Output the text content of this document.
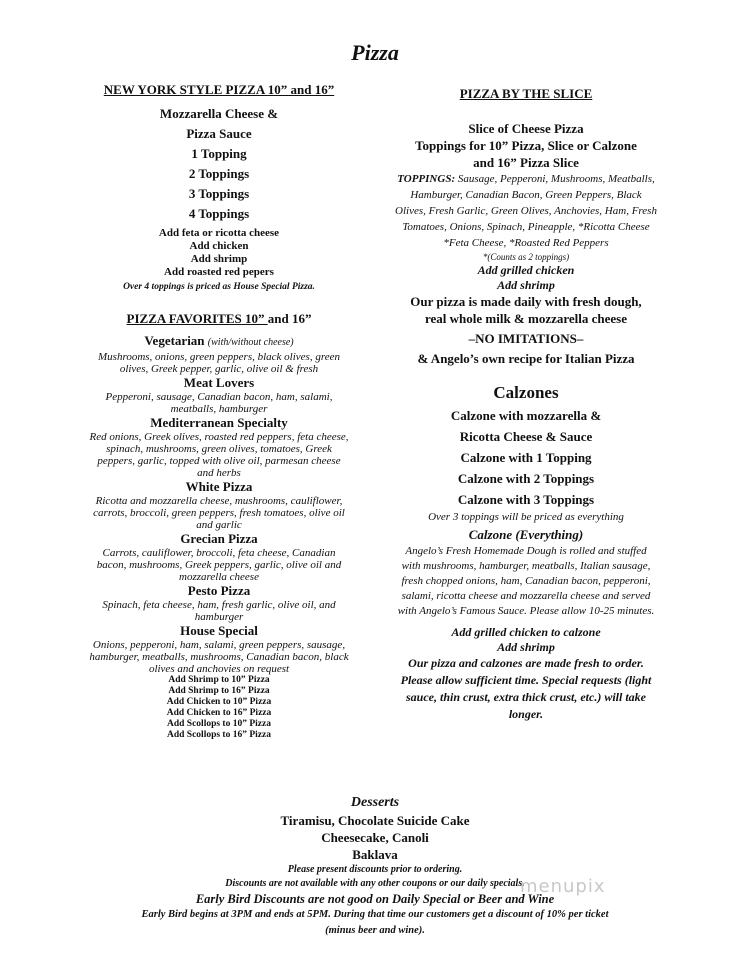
Pizza
NEW YORK STYLE PIZZA 10” and 16”
Mozzarella Cheese &
Pizza Sauce
1 Topping
2 Toppings
3 Toppings
4 Toppings
Add feta or ricotta cheese
Add chicken
Add shrimp
Add roasted red pepers
Over 4 toppings is priced as House Special Pizza.
PIZZA FAVORITES 10” and 16”
Vegetarian (with/without cheese)
Mushrooms, onions, green peppers, black olives, green olives, Greek pepper, garlic, olive oil & fresh
Meat Lovers
Pepperoni, sausage, Canadian bacon, ham, salami, meatballs, hamburger
Mediterranean Specialty
Red onions, Greek olives, roasted red peppers, feta cheese, spinach, mushrooms, green olives, tomatoes, Greek peppers, garlic, topped with olive oil, parmesan cheese and herbs
White Pizza
Ricotta and mozzarella cheese, mushrooms, cauliflower, carrots, broccoli, green peppers, fresh tomatoes, olive oil and garlic
Grecian Pizza
Carrots, cauliflower, broccoli, feta cheese, Canadian bacon, mushrooms, Greek peppers, garlic, olive oil and mozzarella cheese
Pesto Pizza
Spinach, feta cheese, ham, fresh garlic, olive oil, and hamburger
House Special
Onions, pepperoni, ham, salami, green peppers, sausage, hamburger, meatballs, mushrooms, Canadian bacon, black olives and anchovies on request
Add Shrimp to 10” Pizza
Add Shrimp to 16” Pizza
Add Chicken to 10” Pizza
Add Chicken to 16” Pizza
Add Scollops to 10” Pizza
Add Scollops to 16” Pizza
PIZZA BY THE SLICE
Slice of Cheese Pizza
Toppings for 10” Pizza, Slice or Calzone
and 16” Pizza Slice
TOPPINGS: Sausage, Pepperoni, Mushrooms, Meatballs, Hamburger, Canadian Bacon, Green Peppers, Black Olives, Fresh Garlic, Green Olives, Anchovies, Ham, Fresh Tomatoes, Onions, Spinach, Pineapple, *Ricotta Cheese *Feta Cheese, *Roasted Red Peppers
*(Counts as 2 toppings)
Add grilled chicken
Add shrimp
Our pizza is made daily with fresh dough,
real whole milk & mozzarella cheese
–NO IMITATIONS–
& Angelo’s own recipe for Italian Pizza
Calzones
Calzone with mozzarella &
Ricotta Cheese & Sauce
Calzone with 1 Topping
Calzone with 2 Toppings
Calzone with 3 Toppings
Over 3 toppings will be priced as everything
Calzone (Everything)
Angelo’s Fresh Homemade Dough is rolled and stuffed with mushrooms, hamburger, meatballs, Italian sausage, fresh chopped onions, ham, Canadian bacon, pepperoni, salami, ricotta cheese and mozzarella cheese and served with Angelo’s Famous Sauce. Please allow 10-25 minutes.
Add grilled chicken to calzone
Add shrimp
Our pizza and calzones are made fresh to order. Please allow sufficient time. Special requests (light sauce, thin crust, extra thick crust, etc.) will take longer.
Desserts
Tiramisu, Chocolate Suicide Cake
Cheesecake, Canoli
Baklava
Please present discounts prior to ordering.
Discounts are not available with any other coupons or our daily specials.
Early Bird Discounts are not good on Daily Special or Beer and Wine
Early Bird begins at 3PM and ends at 5PM. During that time our customers get a discount of 10% per ticket (minus beer and wine).
menupix
